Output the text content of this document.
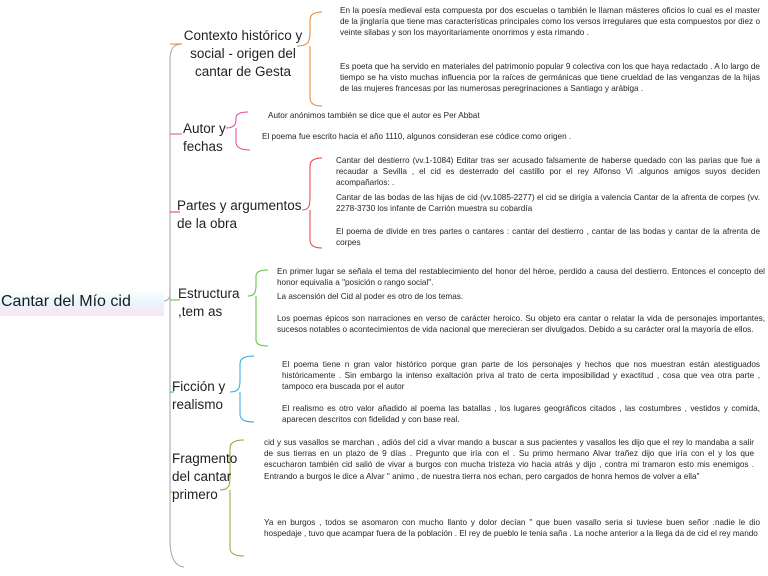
Cantar del Mío cid
Contexto histórico y social - origen del cantar de Gesta
Autor y fechas
Partes y argumentos de la obra
Estructura ,tem as
Ficción y realismo
Fragmento del cantar primero

En la poesía medieval esta compuesta por dos escuelas o también le llaman másteres oficios lo cual es el master de la jinglaría que tiene mas características principales como los versos irregulares que esta compuestos por diez o veinte silabas y son los mayoritariamente onorrimos y esta rimando .

Es poeta que ha servido en materiales del patrimonio popular 9 colectiva con los que haya redactado . A lo largo de tiempo se ha visto muchas influencia por la raíces de germánicas que tiene crueldad de las venganzas de la hijas de las mujeres francesas por las numerosas peregrinaciones a Santiago y arábiga .

Autor anónimos también se dice que el autor es Per Abbat

El poema fue escrito hacia el año 1110, algunos consideran ese códice como origen .

Cantar del destierro (vv.1-1084) Editar tras ser acusado falsamente de haberse quedado con las parias que fue a recaudar a Sevilla , el cid es desterrado del castillo por el rey Alfonso Vi .algunos amigos suyos deciden acompañarlos: .

Cantar de las bodas de las hijas de cid (vv.1085-2277) el cid se dirigía a valencia Cantar de la afrenta de corpes (vv. 2278-3730 los infante de Carrión muestra su cobardía

El poema de divide en tres partes o cantares : cantar del destierro , cantar de las bodas y cantar de la afrenta de corpes

En primer lugar se señala el tema del restablecimiento del honor del héroe, perdido a causa del destierro. Entonces el concepto del honor equivalía a "posición o rango social".

La ascensión del Cid al poder es otro de los temas.

Los poemas épicos son narraciones en verso de carácter heroico. Su objeto era cantar o relatar la vida de personajes importantes, sucesos notables o acontecimientos de vida nacional que merecieran ser divulgados. Debido a su carácter oral la mayoría de ellos.

El poema tiene n gran valor histórico porque gran parte de los personajes y hechos que nos muestran están atestiguados históricamente . Sin embargo la intenso exaltación priva al trato de certa imposibilidad y exactitud , cosa que vea otra parte , tampoco era buscada por el autor

El realismo es otro valor añadido al poema las batallas , los lugares geográficos citados , las costumbres , vestidos y comida, aparecen descritos con fidelidad y con base real.

cid y sus vasallos se marchan , adiós del cid a vivar mando a buscar a sus pacientes y vasallos les dijo que el rey lo mandaba a salir de sus tierras en un plazo de 9 días . Pregunto que iría con el . Su primo hermano Alvar trañez dijo que iría con el y los que escucharon también cid salió de vivar a burgos con mucha tristeza vio hacia atrás y dijo , contra mi tramaron esto mis enemigos . Entrando a burgos le dice a Alvar " animo , de nuestra tierra nos echan, pero cargados de honra hemos de volver a ella"

Ya en burgos , todos se asomaron con mucho llanto y dolor decían " que buen vasallo seria si tuviese buen señor .nadie le dio hospedaje , tuvo que acampar fuera de la población . El rey de pueblo le tenia saña . La noche anterior a la llega da de cid el rey mando
